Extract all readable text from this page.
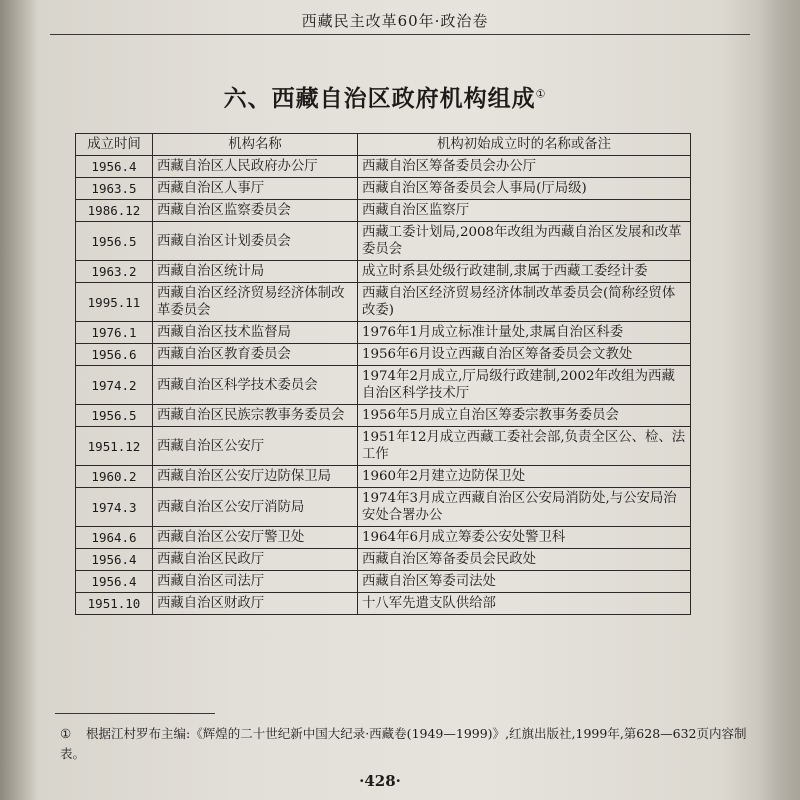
西藏民主改革60年·政治卷
六、西藏自治区政府机构组成①
成立时间	机构名称	机构初始成立时的名称或备注
1956.4	西藏自治区人民政府办公厅	西藏自治区筹备委员会办公厅
1963.5	西藏自治区人事厅	西藏自治区筹备委员会人事局(厅局级)
1986.12	西藏自治区监察委员会	西藏自治区监察厅
1956.5	西藏自治区计划委员会	西藏工委计划局,2008年改组为西藏自治区发展和改革委员会
1963.2	西藏自治区统计局	成立时系县处级行政建制,隶属于西藏工委经计委
1995.11	西藏自治区经济贸易经济体制改革委员会	西藏自治区经济贸易经济体制改革委员会(简称经贸体改委)
1976.1	西藏自治区技术监督局	1976年1月成立标准计量处,隶属自治区科委
1956.6	西藏自治区教育委员会	1956年6月设立西藏自治区筹备委员会文教处
1974.2	西藏自治区科学技术委员会	1974年2月成立,厅局级行政建制,2002年改组为西藏自治区科学技术厅
1956.5	西藏自治区民族宗教事务委员会	1956年5月成立自治区筹委宗教事务委员会
1951.12	西藏自治区公安厅	1951年12月成立西藏工委社会部,负责全区公、检、法工作
1960.2	西藏自治区公安厅边防保卫局	1960年2月建立边防保卫处
1974.3	西藏自治区公安厅消防局	1974年3月成立西藏自治区公安局消防处,与公安局治安处合署办公
1964.6	西藏自治区公安厅警卫处	1964年6月成立筹委公安处警卫科
1956.4	西藏自治区民政厅	西藏自治区筹备委员会民政处
1956.4	西藏自治区司法厅	西藏自治区筹委司法处
1951.10	西藏自治区财政厅	十八军先遣支队供给部
① 根据江村罗布主编:《辉煌的二十世纪新中国大纪录·西藏卷(1949—1999)》,红旗出版社,1999年,第628—632页内容制表。
·428·
